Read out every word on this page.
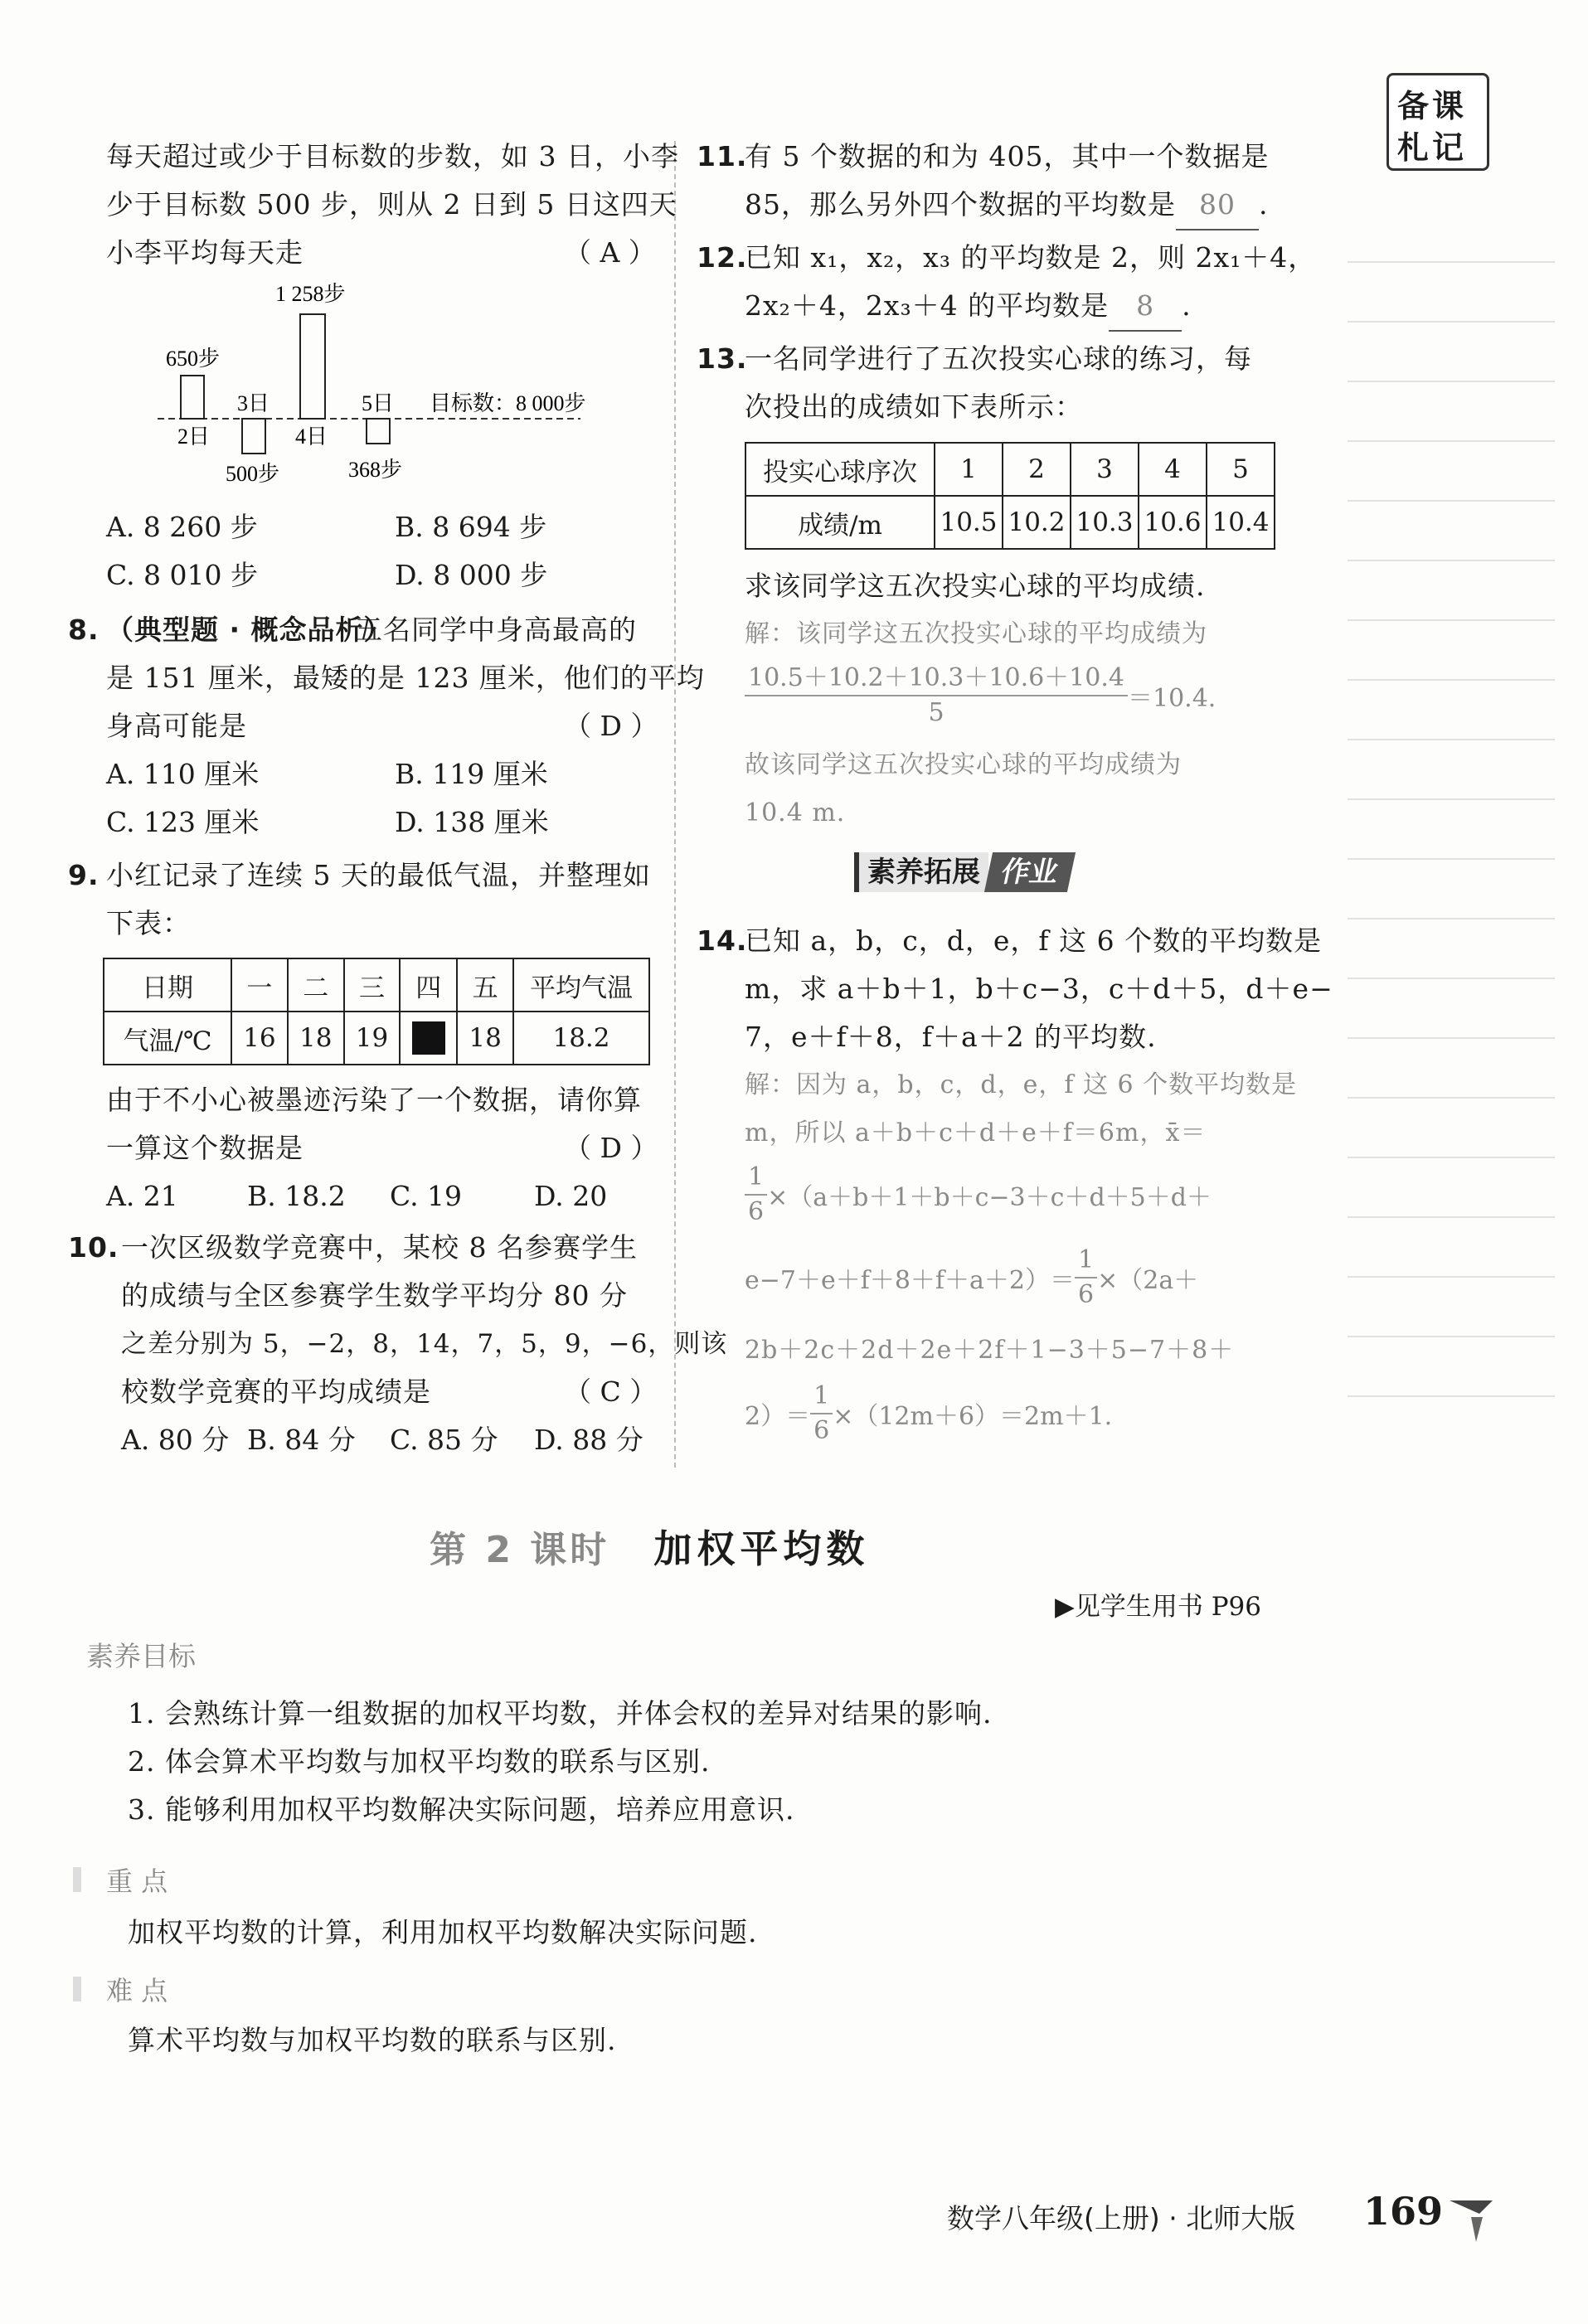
备课
札记
每天超过或少于目标数的步数，如 3 日，小李
少于目标数 500 步，则从 2 日到 5 日这四天
小李平均每天走	（ A ）
650步
2日
3日
500步
1 258步
4日
5日
368步
目标数：8 000步
A. 8 260 步	B. 8 694 步
C. 8 010 步	D. 8 000 步
8. （典型题 · 概念品析）
五名同学中身高最高的
是 151 厘米，最矮的是 123 厘米，他们的平均
身高可能是	（ D ）
A. 110 厘米	B. 119 厘米
C. 123 厘米	D. 138 厘米
9. 小红记录了连续 5 天的最低气温，并整理如
下表：
日期	一	二	三	四	五	平均气温
气温/℃	16	18	19		18	18.2
由于不小心被墨迹污染了一个数据，请你算
一算这个数据是	（ D ）
A. 21	B. 18.2 C. 19	D. 20
10. 一次区级数学竞赛中，某校 8 名参赛学生
的成绩与全区参赛学生数学平均分 80 分
之差分别为 5，−2，8，14，7，5，9，−6，则该
校数学竞赛的平均成绩是	（ C ）
A. 80 分 B. 84 分 C. 85 分 D. 88 分
11.
有 5 个数据的和为 405，其中一个数据是
85，那么另外四个数据的平均数是 80 .
12.
已知 x₁，x₂，x₃ 的平均数是 2，则 2x₁＋4，
2x₂＋4，2x₃＋4 的平均数是 8 .
13.
一名同学进行了五次投实心球的练习，每
次投出的成绩如下表所示：
投实心球序次	1	2	3	4	5
成绩/m	10.5	10.2	10.3	10.6	10.4
求该同学这五次投实心球的平均成绩.
解：该同学这五次投实心球的平均成绩为
$\frac{10.5+10.2+10.3+10.6+10.4}{5} =10.4$.
故该同学这五次投实心球的平均成绩为
10.4 m.
素养拓展 作业
14.
已知 a，b，c，d，e，f 这 6 个数的平均数是
m，求 a＋b＋1，b＋c−3，c＋d＋5，d＋e−
7，e＋f＋8，f＋a＋2 的平均数.
解：因为 a，b，c，d，e，f 这 6 个数平均数是
m，所以 a＋b＋c＋d＋e＋f＝6m，x̄＝
$\frac{1}{6} \times(a+b+1+b+c-3+c+d+5+d+$
$e-7+e+f+8+f+a+2)= \frac{1}{6} \times(2a+$
2b＋2c＋2d＋2e＋2f＋1−3＋5−7＋8＋
$2)= \frac{1}{6} \times(12m+6)=2m+1$.
第 2 课时 加权平均数
▶见学生用书 P96
素养目标
1. 会熟练计算一组数据的加权平均数，并体会权的差异对结果的影响.
2. 体会算术平均数与加权平均数的联系与区别.
3. 能够利用加权平均数解决实际问题，培养应用意识.
重 点
加权平均数的计算，利用加权平均数解决实际问题.
难 点
算术平均数与加权平均数的联系与区别.
数学八年级(上册) · 北师大版 169
